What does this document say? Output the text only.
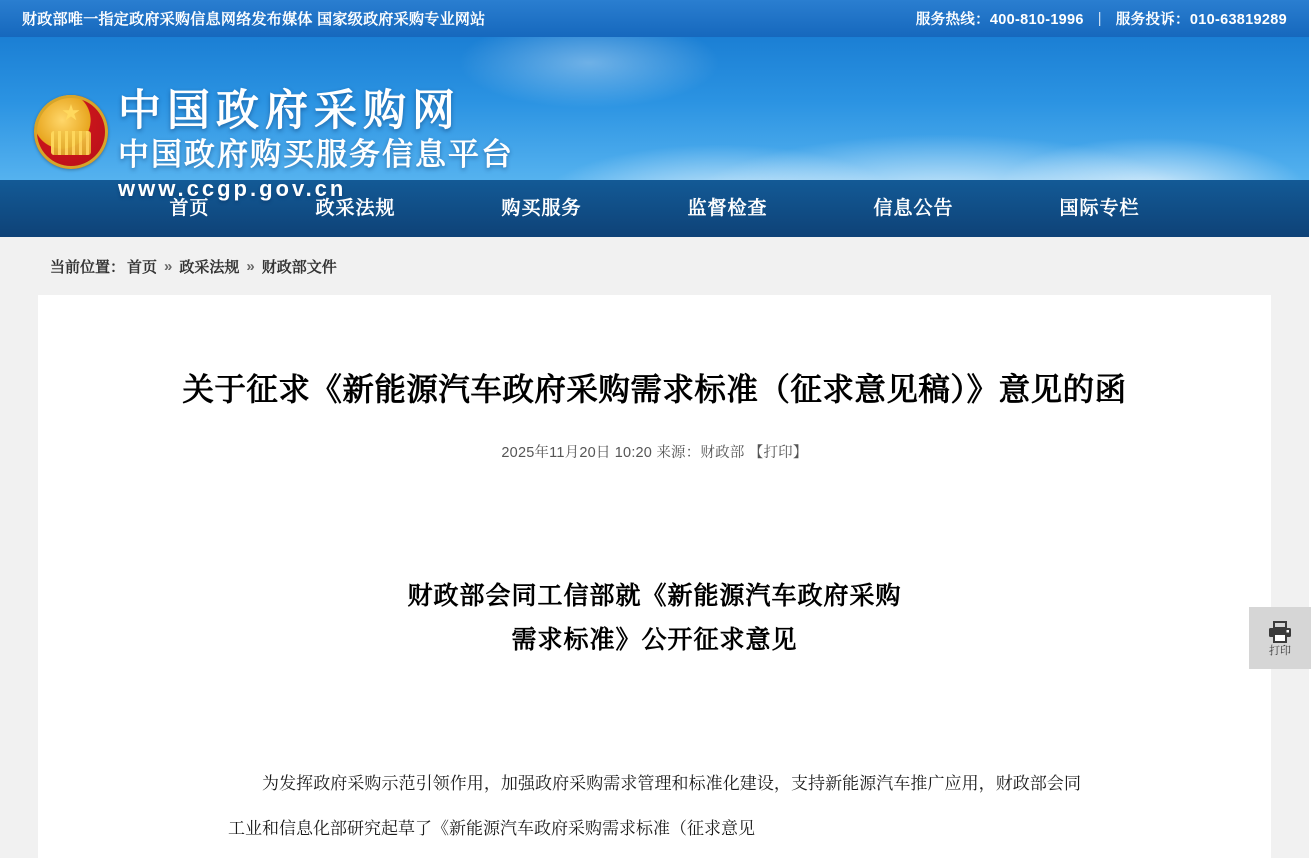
财政部唯一指定政府采购信息网络发布媒体 国家级政府采购专业网站	服务热线：400-810-1996 | 服务投诉：010-63819289
★
中国政府采购网
中国政府购买服务信息平台
www.ccgp.gov.cn
首页	政采法规	购买服务	监督检查	信息公告	国际专栏
当前位置： 首页 » 政采法规 » 财政部文件
关于征求《新能源汽车政府采购需求标准（征求意见稿）》意见的函
2025年11月20日 10:20 来源：财政部 【打印】
财政部会同工信部就《新能源汽车政府采购
需求标准》公开征求意见
为发挥政府采购示范引领作用，加强政府采购需求管理和标准化建设，支持新能源汽车推广应用，财政部会同工业和信息化部研究起草了《新能源汽车政府采购需求标准（征求意见
打印
